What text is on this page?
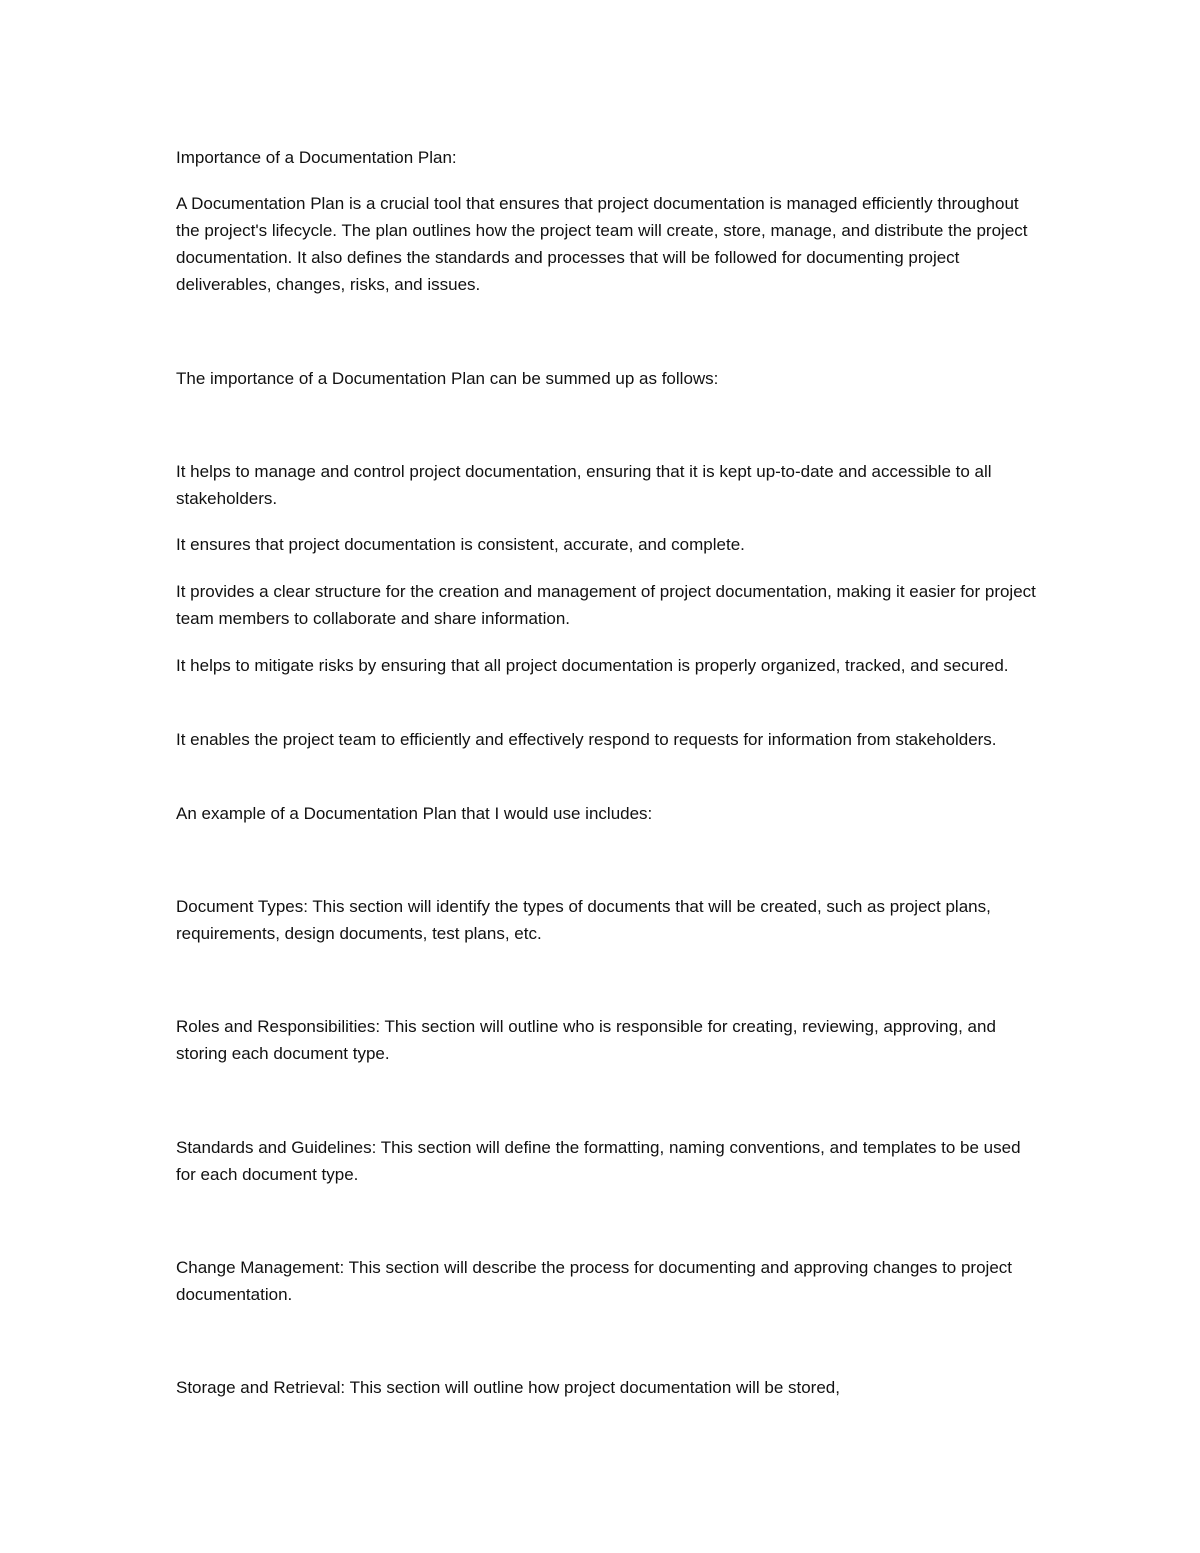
Importance of a Documentation Plan:

A Documentation Plan is a crucial tool that ensures that project documentation is managed efficiently throughout the project's lifecycle. The plan outlines how the project team will create, store, manage, and distribute the project documentation. It also defines the standards and processes that will be followed for documenting project deliverables, changes, risks, and issues.

The importance of a Documentation Plan can be summed up as follows:

It helps to manage and control project documentation, ensuring that it is kept up-to-date and accessible to all stakeholders.

It ensures that project documentation is consistent, accurate, and complete.

It provides a clear structure for the creation and management of project documentation, making it easier for project team members to collaborate and share information.

It helps to mitigate risks by ensuring that all project documentation is properly organized, tracked, and secured.

It enables the project team to efficiently and effectively respond to requests for information from stakeholders.

An example of a Documentation Plan that I would use includes:

Document Types: This section will identify the types of documents that will be created, such as project plans, requirements, design documents, test plans, etc.

Roles and Responsibilities: This section will outline who is responsible for creating, reviewing, approving, and storing each document type.

Standards and Guidelines: This section will define the formatting, naming conventions, and templates to be used for each document type.

Change Management: This section will describe the process for documenting and approving changes to project documentation.

Storage and Retrieval: This section will outline how project documentation will be stored,
